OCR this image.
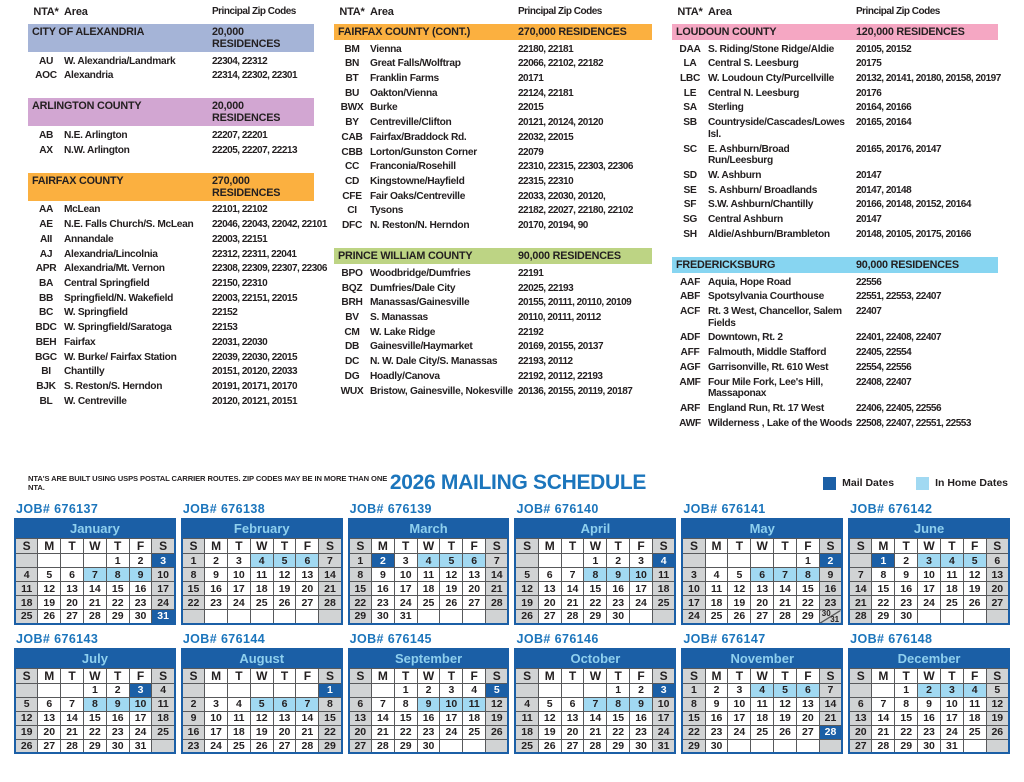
NTA* Area	Principal Zip Codes
CITY OF ALEXANDRIA	20,000 RESIDENCES
AU	W. Alexandria/Landmark	22304, 22312
AOC Alexandria	22314, 22302, 22301
ARLINGTON COUNTY	20,000 RESIDENCES
AB	N.E. Arlington	22207, 22201
AX	N.W. Arlington	22205, 22207, 22213
FAIRFAX COUNTY	270,000 RESIDENCES
AA	McLean	22101, 22102
AE	N.E. Falls Church/S. McLean	22046, 22043, 22042, 22101
AII	Annandale	22003, 22151
AJ	Alexandria/Lincolnia	22312, 22311, 22041
APR Alexandria/Mt. Vernon	22308, 22309, 22307, 22306
BA	Central Springfield	22150, 22310
BB	Springfield/N. Wakefield	22003, 22151, 22015
BC	W. Springfield	22152
BDC W. Springfield/Saratoga	22153
BEH Fairfax	22031, 22030
BGC W. Burke/ Fairfax Station	22039, 22030, 22015
BI	Chantilly	20151, 20120, 22033
BJK S. Reston/S. Herndon	20191, 20171, 20170
BL	W. Centreville	20120, 20121, 20151
NTA* Area	Principal Zip Codes
FAIRFAX COUNTY (CONT.)	270,000 RESIDENCES
BM	Vienna	22180, 22181
BN	Great Falls/Wolftrap	22066, 22102, 22182
BT	Franklin Farms	20171
BU	Oakton/Vienna	22124, 22181
BWX Burke	22015
BY	Centreville/Clifton	20121, 20124, 20120
CAB Fairfax/Braddock Rd.	22032, 22015
CBB Lorton/Gunston Corner	22079
CC	Franconia/Rosehill	22310, 22315, 22303, 22306
CD	Kingstowne/Hayfield	22315, 22310
CFE Fair Oaks/Centreville	22033, 22030, 20120,
CI	Tysons	22182, 22027, 22180, 22102
DFC N. Reston/N. Herndon	20170, 20194, 90
PRINCE WILLIAM COUNTY	90,000 RESIDENCES
BPO Woodbridge/Dumfries	22191
BQZ Dumfries/Dale City	22025, 22193
BRH Manassas/Gainesville	20155, 20111, 20110, 20109
BV	S. Manassas	20110, 20111, 20112
CM	W. Lake Ridge	22192
DB	Gainesville/Haymarket	20169, 20155, 20137
DC	N. W. Dale City/S. Manassas	22193, 20112
DG	Hoadly/Canova	22192, 20112, 22193
WUX Bristow, Gainesville, Nokesville 20136, 20155, 20119, 20187
NTA* Area	Principal Zip Codes
LOUDOUN COUNTY	120,000 RESIDENCES
DAA S. Riding/Stone Ridge/Aldie	20105, 20152
LA	Central S. Leesburg	20175
LBC W. Loudoun Cty/Purcellville	20132, 20141, 20180, 20158, 20197
LE	Central N. Leesburg	20176
SA	Sterling	20164, 20166
SB	Countryside/Cascades/Lowes Isl.
20165, 20164
SC	E. Ashburn/Broad Run/Leesburg
20165, 20176, 20147
SD	W. Ashburn	20147
SE	S. Ashburn/ Broadlands	20147, 20148
SF	S.W. Ashburn/Chantilly	20166, 20148, 20152, 20164
SG	Central Ashburn	20147
SH	Aldie/Ashburn/Brambleton	20148, 20105, 20175, 20166
FREDERICKSBURG	90,000 RESIDENCES
AAF Aquia, Hope Road	22556
ABF Spotsylvania Courthouse	22551, 22553, 22407
ACF Rt. 3 West, Chancellor, Salem Fields
22407
ADF Downtown, Rt. 2	22401, 22408, 22407
AFF Falmouth, Middle Stafford	22405, 22554
AGF Garrisonville, Rt. 610 West	22554, 22556
AMF Four Mile Fork, Lee's Hill, Massaponax
22408, 22407
ARF England Run, Rt. 17 West	22406, 22405, 22556
AWF Wilderness , Lake of the Woods 22508, 22407, 22551, 22553
NTA'S ARE BUILT USING USPS POSTAL CARRIER ROUTES. ZIP CODES MAY BE IN MORE THAN ONE NTA.	2026 MAILING SCHEDULE	Mail Dates	In Home Dates
JOB# 676137
January						
S	M	T	W	T	F	S
				1	2	3
4	5	6	7	8	9	10
11	12	13	14	15	16	17
18	19	20	21	22	23	24
25	26	27	28	29	30	31
JOB# 676138
February						
S	M	T	W	T	F	S
1	2	3	4	5	6	7
8	9	10	11	12	13	14
15	16	17	18	19	20	21
22	23	24	25	26	27	28

JOB# 676139
March						
S	M	T	W	T	F	S
1	2	3	4	5	6	7
8	9	10	11	12	13	14
15	16	17	18	19	20	21
22	23	24	25	26	27	28
29	30	31				
JOB# 676140
April						
S	M	T	W	T	F	S
			1	2	3	4
5	6	7	8	9	10	11
12	13	14	15	16	17	18
19	20	21	22	23	24	25
26	27	28	29	30		
JOB# 676141
May						
S	M	T	W	T	F	S
					1	2
3	4	5	6	7	8	9
10	11	12	13	14	15	16
17	18	19	20	21	22	23
24	25	26	27	28	29	30
31
JOB# 676142
June						
S	M	T	W	T	F	S
	1	2	3	4	5	6
7	8	9	10	11	12	13
14	15	16	17	18	19	20
21	22	23	24	25	26	27
28	29	30				
JOB# 676143
July						
S	M	T	W	T	F	S
			1	2	3	4
5	6	7	8	9	10	11
12	13	14	15	16	17	18
19	20	21	22	23	24	25
26	27	28	29	30	31	
JOB# 676144
August						
S	M	T	W	T	F	S
						1
2	3	4	5	6	7	8
9	10	11	12	13	14	15
16	17	18	19	20	21	22
23	24	25	26	27	28	29
JOB# 676145
September						
S	M	T	W	T	F	S
		1	2	3	4	5
6	7	8	9	10	11	12
13	14	15	16	17	18	19
20	21	22	23	24	25	26
27	28	29	30			
JOB# 676146
October						
S	M	T	W	T	F	S
				1	2	3
4	5	6	7	8	9	10
11	12	13	14	15	16	17
18	19	20	21	22	23	24
25	26	27	28	29	30	31
JOB# 676147
November						
S	M	T	W	T	F	S
1	2	3	4	5	6	7
8	9	10	11	12	13	14
15	16	17	18	19	20	21
22	23	24	25	26	27	28
29	30					
JOB# 676148
December						
S	M	T	W	T	F	S
		1	2	3	4	5
6	7	8	9	10	11	12
13	14	15	16	17	18	19
20	21	22	23	24	25	26
27	28	29	30	31		
